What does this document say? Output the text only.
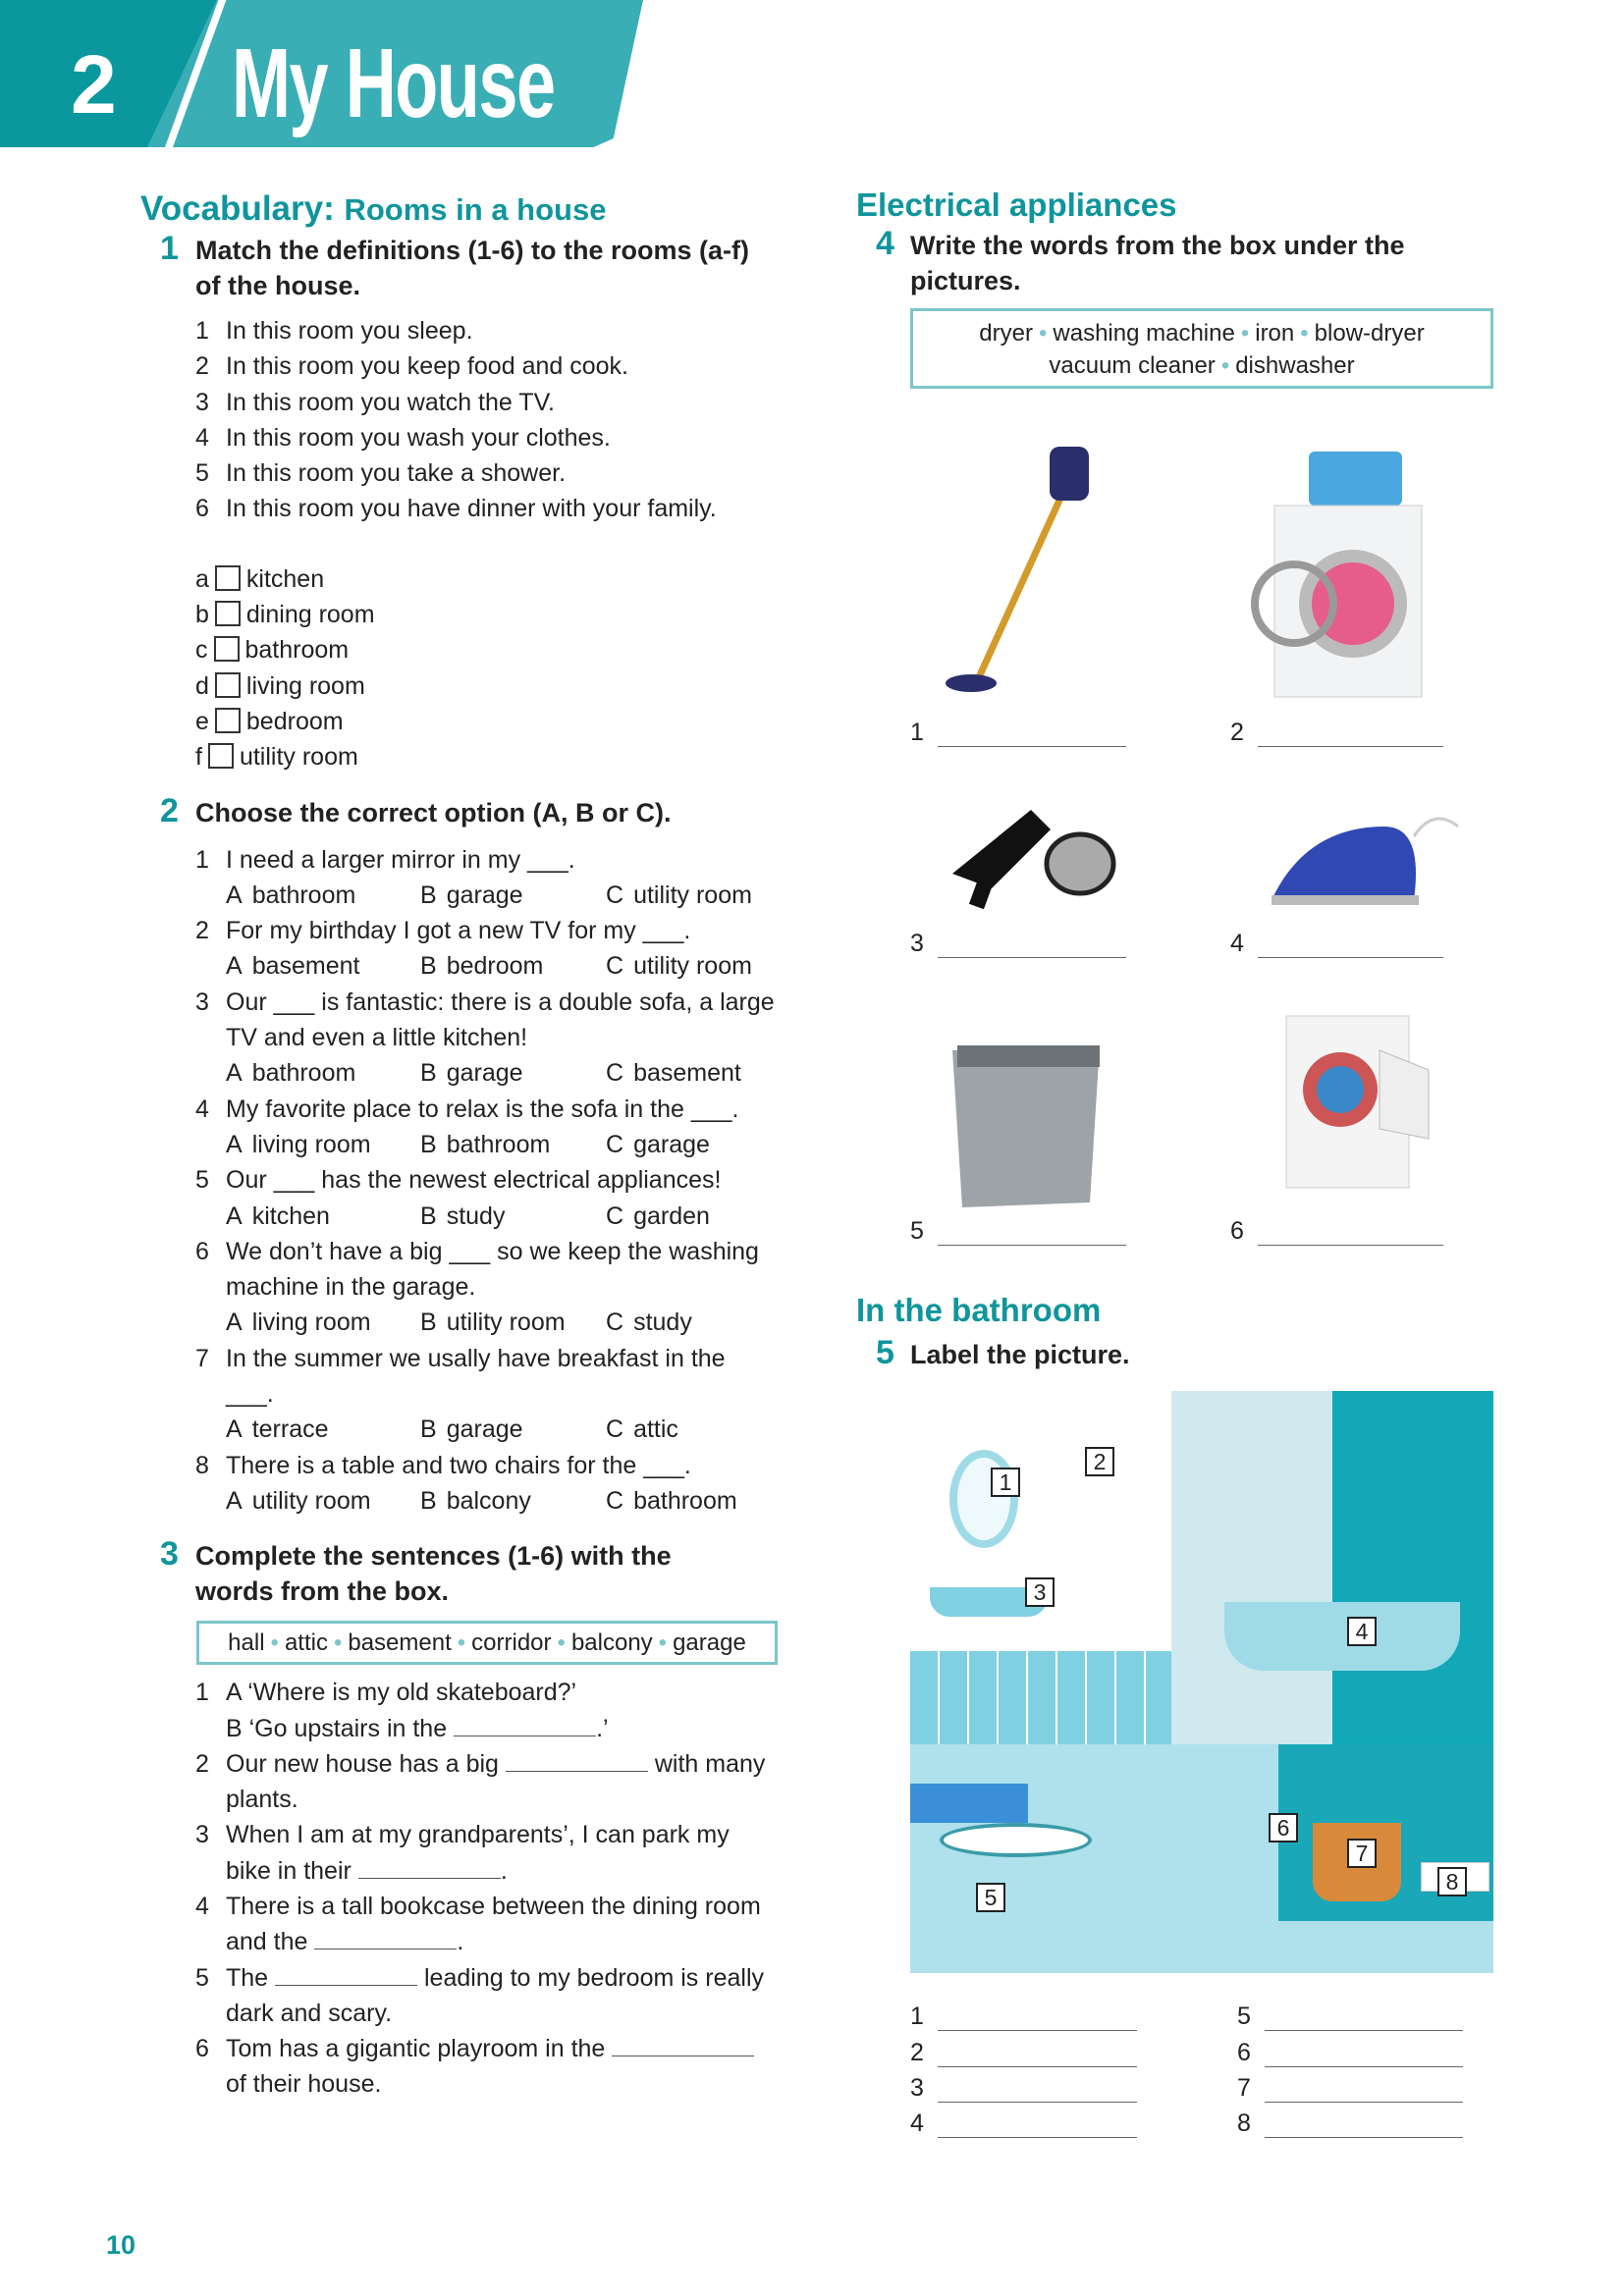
2 My House
Vocabulary: Rooms in a house
1 Match the definitions (1-6) to the rooms (a-f) of the house.
1 In this room you sleep.
2 In this room you keep food and cook.
3 In this room you watch the TV.
4 In this room you wash your clothes.
5 In this room you take a shower.
6 In this room you have dinner with your family.
a kitchen
b dining room
c bathroom
d living room
e bedroom
f utility room
2 Choose the correct option (A, B or C).
1 I need a larger mirror in my ___.
A bathroom	B garage	C utility room
2 For my birthday I got a new TV for my ___.
A basement	B bedroom	C utility room
3 Our ___ is fantastic: there is a double sofa, a large TV and even a little kitchen!
A bathroom	B garage	C basement
4 My favorite place to relax is the sofa in the ___.
A living room	B bathroom	C garage
5 Our ___ has the newest electrical appliances!
A kitchen	B study	C garden
6 We don’t have a big ___ so we keep the washing machine in the garage.
A living room	B utility room	C study
7 In the summer we usally have breakfast in the ___.
A terrace	B garage	C attic
8 There is a table and two chairs for the ___.
A utility room	B balcony	C bathroom
3 Complete the sentences (1-6) with the words from the box.
hall • attic • basement • corridor • balcony • garage
1 A ‘Where is my old skateboard?’
B ‘Go upstairs in the	.’
2 Our new house has a big	with many plants.
3 When I am at my grandparents’, I can park my bike in their	.
4 There is a tall bookcase between the dining room and the	.
5 The	leading to my bedroom is really dark and scary.
6 Tom has a gigantic playroom in the  of their house.
10
Electrical appliances
4 Write the words from the box under the pictures.
dryer • washing machine • iron • blow-dryer
vacuum cleaner • dishwasher
1	2
3	4
5	6
In the bathroom
5 Label the picture.
1
2
3
4
5
6
7
8
1
2
3
4
5
6
7
8
